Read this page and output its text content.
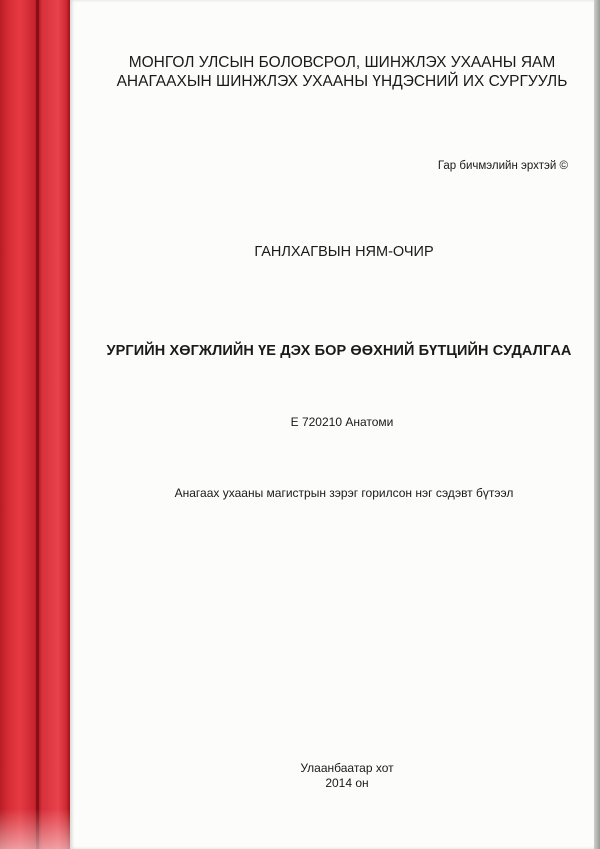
МОНГОЛ УЛСЫН БОЛОВСРОЛ, ШИНЖЛЭХ УХААНЫ ЯАМ
АНАГААХЫН ШИНЖЛЭХ УХААНЫ ҮНДЭСНИЙ ИХ СУРГУУЛЬ
Гар бичмэлийн эрхтэй ©
ГАНЛХАГВЫН НЯМ-ОЧИР
УРГИЙН ХӨГЖЛИЙН ҮЕ ДЭХ БОР ӨӨХНИЙ БҮТЦИЙН СУДАЛГАА
Е 720210 Анатоми
Анагаах ухааны магистрын зэрэг горилсон нэг сэдэвт бүтээл
Улаанбаатар хот
2014 он
